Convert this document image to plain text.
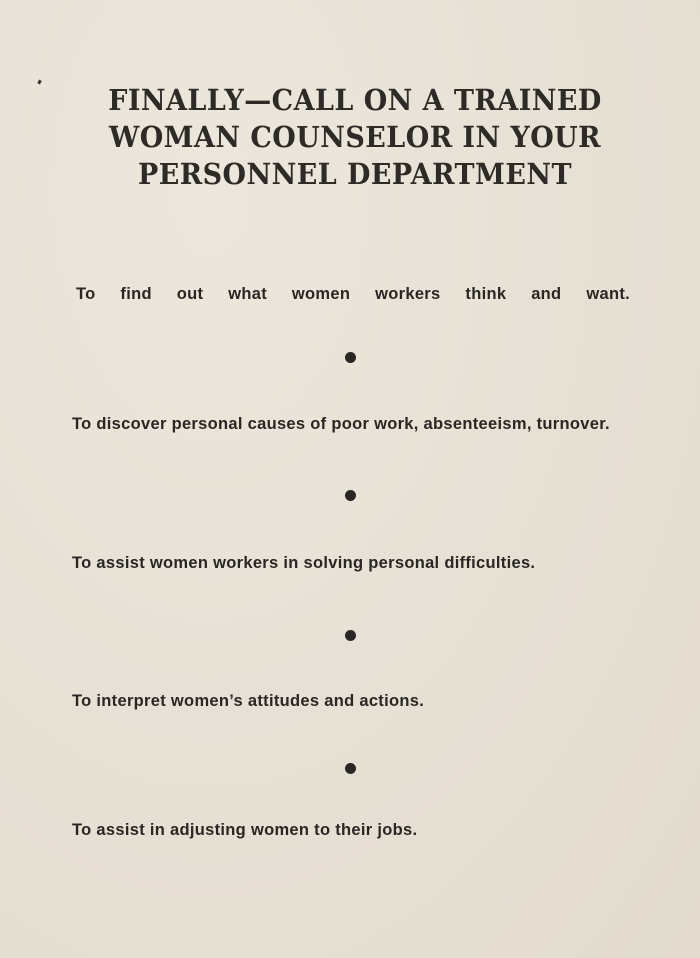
FINALLY—CALL ON A TRAINED
WOMAN COUNSELOR IN YOUR
PERSONNEL DEPARTMENT
To find out what women workers think and want.
To discover personal causes of poor work, absenteeism, turnover.
To assist women workers in solving personal difficulties.
To interpret women’s attitudes and actions.
To assist in adjusting women to their jobs.
